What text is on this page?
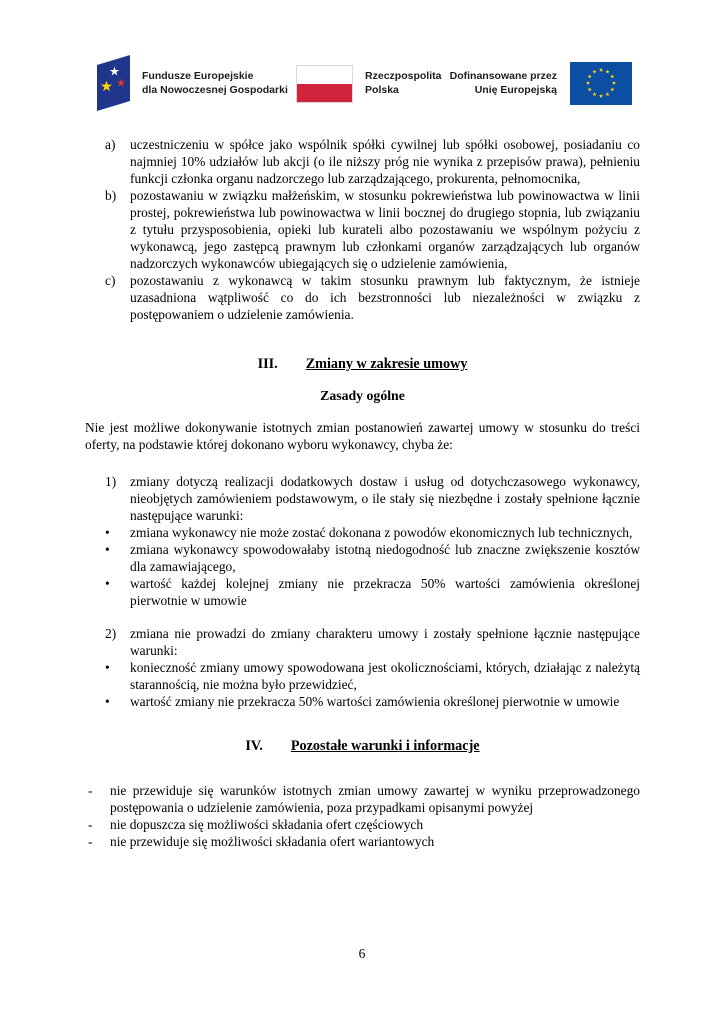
Fundusze Europejskie
dla Nowoczesnej Gospodarki
Rzeczpospolita
Polska
Dofinansowane przez
Unię Europejską
a)	uczestniczeniu w spółce jako wspólnik spółki cywilnej lub spółki osobowej, posiadaniu co najmniej 10% udziałów lub akcji (o ile niższy próg nie wynika z przepisów prawa), pełnieniu funkcji członka organu nadzorczego lub zarządzającego, prokurenta, pełnomocnika,
b)	pozostawaniu w związku małżeńskim, w stosunku pokrewieństwa lub powinowactwa w linii prostej, pokrewieństwa lub powinowactwa w linii bocznej do drugiego stopnia, lub związaniu z tytułu przysposobienia, opieki lub kurateli albo pozostawaniu we wspólnym pożyciu z wykonawcą, jego zastępcą prawnym lub członkami organów zarządzających lub organów nadzorczych wykonawców ubiegających się o udzielenie zamówienia,
c)	pozostawaniu z wykonawcą w takim stosunku prawnym lub faktycznym, że istnieje uzasadniona wątpliwość co do ich bezstronności lub niezależności w związku z postępowaniem o udzielenie zamówienia.
III. Zmiany w zakresie umowy
Zasady ogólne

Nie jest możliwe dokonywanie istotnych zmian postanowień zawartej umowy w stosunku do treści oferty, na podstawie której dokonano wyboru wykonawcy, chyba że:

1)	zmiany dotyczą realizacji dodatkowych dostaw i usług od dotychczasowego wykonawcy, nieobjętych zamówieniem podstawowym, o ile stały się niezbędne i zostały spełnione łącznie następujące warunki:
•	zmiana wykonawcy nie może zostać dokonana z powodów ekonomicznych lub technicznych,
•	zmiana wykonawcy spowodowałaby istotną niedogodność lub znaczne zwiększenie kosztów dla zamawiającego,
•	wartość każdej kolejnej zmiany nie przekracza 50% wartości zamówienia określonej pierwotnie w umowie
2)	zmiana nie prowadzi do zmiany charakteru umowy i zostały spełnione łącznie następujące warunki:
•	konieczność zmiany umowy spowodowana jest okolicznościami, których, działając z należytą starannością, nie można było przewidzieć,
•	wartość zmiany nie przekracza 50% wartości zamówienia określonej pierwotnie w umowie
IV. Pozostałe warunki i informacje
-	nie przewiduje się warunków istotnych zmian umowy zawartej w wyniku przeprowadzonego postępowania o udzielenie zamówienia, poza przypadkami opisanymi powyżej
-	nie dopuszcza się możliwości składania ofert częściowych
-	nie przewiduje się możliwości składania ofert wariantowych
6
